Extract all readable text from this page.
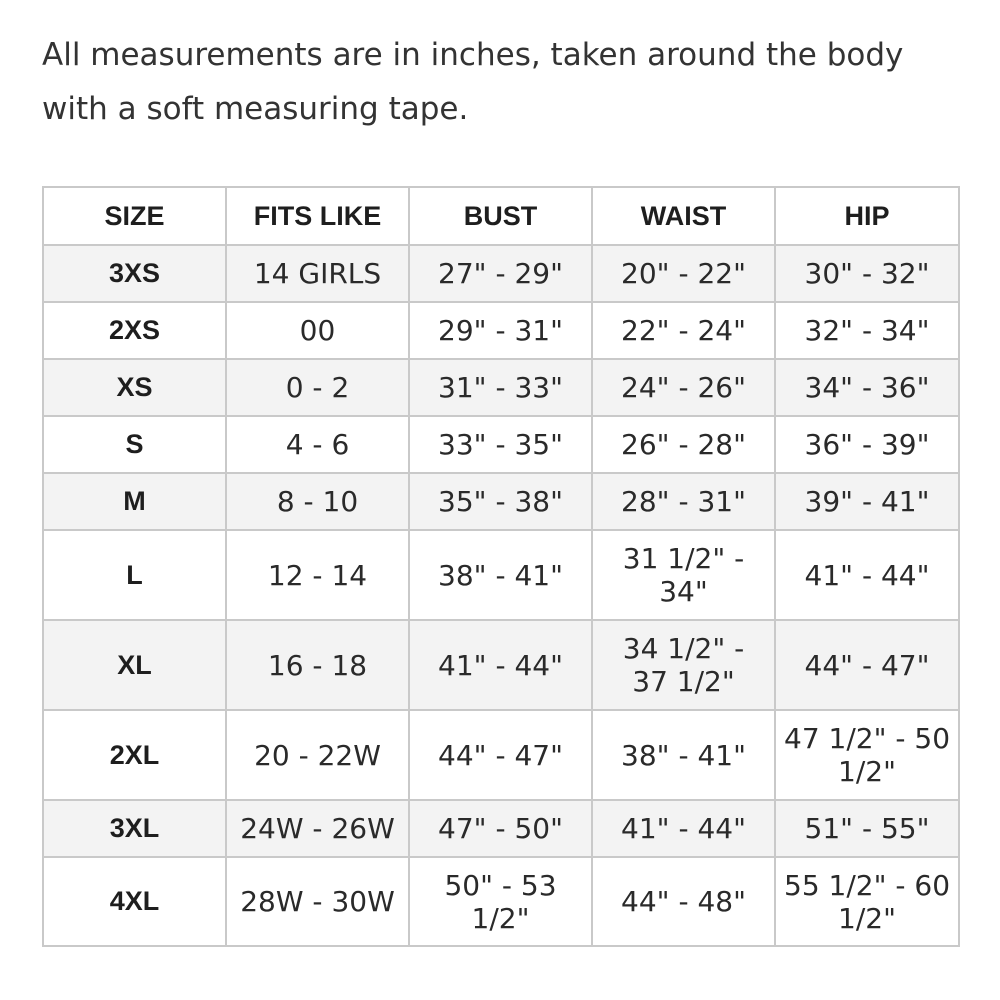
All measurements are in inches, taken around the body with a soft measuring tape.

SIZE	FITS LIKE	BUST	WAIST	HIP
3XS	14 GIRLS	27" - 29"	20" - 22"	30" - 32"
2XS	00	29" - 31"	22" - 24"	32" - 34"
XS	0 - 2	31" - 33"	24" - 26"	34" - 36"
S	4 - 6	33" - 35"	26" - 28"	36" - 39"
M	8 - 10	35" - 38"	28" - 31"	39" - 41"
L	12 - 14	38" - 41"	31 1/2" - 34"	41" - 44"
XL	16 - 18	41" - 44"	34 1/2" - 37 1/2"	44" - 47"
2XL	20 - 22W	44" - 47"	38" - 41"	47 1/2" - 50 1/2"
3XL	24W - 26W	47" - 50"	41" - 44"	51" - 55"
4XL	28W - 30W	50" - 53 1/2"	44" - 48"	55 1/2" - 60 1/2"
